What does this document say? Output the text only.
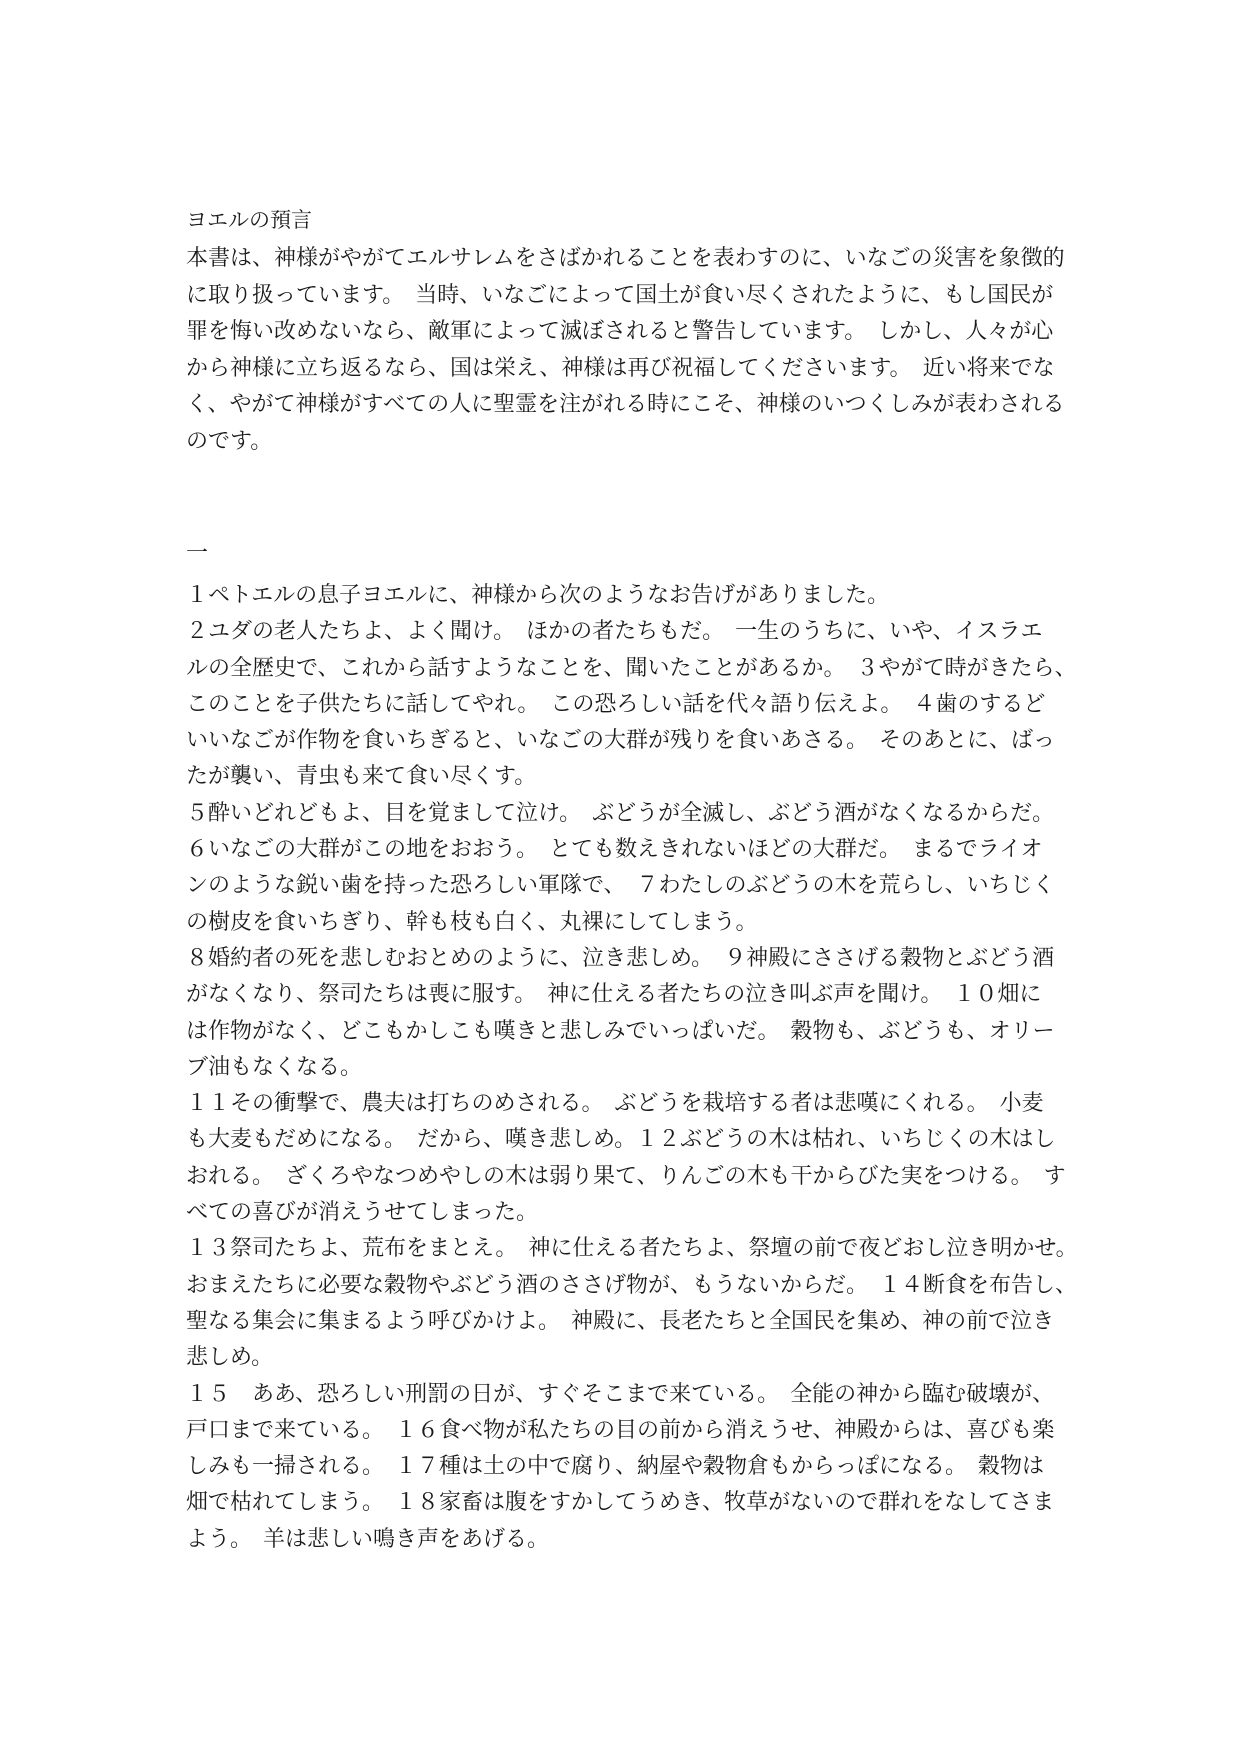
ヨエルの預言

本書は、神様がやがてエルサレムをさばかれることを表わすのに、いなごの災害を象徴的

に取り扱っています。　当時、いなごによって国土が食い尽くされたように、もし国民が

罪を悔い改めないなら、敵軍によって滅ぼされると警告しています。　しかし、人々が心

から神様に立ち返るなら、国は栄え、神様は再び祝福してくださいます。　近い将来でな

く、やがて神様がすべての人に聖霊を注がれる時にこそ、神様のいつくしみが表わされる

のです。

一

１ペトエルの息子ヨエルに、神様から次のようなお告げがありました。

２ユダの老人たちよ、よく聞け。　ほかの者たちもだ。　一生のうちに、いや、イスラエ

ルの全歴史で、これから話すようなことを、聞いたことがあるか。　３やがて時がきたら、

このことを子供たちに話してやれ。　この恐ろしい話を代々語り伝えよ。　４歯のするど

いいなごが作物を食いちぎると、いなごの大群が残りを食いあさる。　そのあとに、ばっ

たが襲い、青虫も来て食い尽くす。

５酔いどれどもよ、目を覚まして泣け。　ぶどうが全滅し、ぶどう酒がなくなるからだ。

６いなごの大群がこの地をおおう。　とても数えきれないほどの大群だ。　まるでライオ

ンのような鋭い歯を持った恐ろしい軍隊で、　７わたしのぶどうの木を荒らし、いちじく

の樹皮を食いちぎり、幹も枝も白く、丸裸にしてしまう。

８婚約者の死を悲しむおとめのように、泣き悲しめ。　９神殿にささげる穀物とぶどう酒

がなくなり、祭司たちは喪に服す。　神に仕える者たちの泣き叫ぶ声を聞け。　１０畑に

は作物がなく、どこもかしこも嘆きと悲しみでいっぱいだ。　穀物も、ぶどうも、オリー

ブ油もなくなる。

１１その衝撃で、農夫は打ちのめされる。　ぶどうを栽培する者は悲嘆にくれる。　小麦

も大麦もだめになる。　だから、嘆き悲しめ。１２ぶどうの木は枯れ、いちじくの木はし

おれる。　ざくろやなつめやしの木は弱り果て、りんごの木も干からびた実をつける。　す

べての喜びが消えうせてしまった。

１３祭司たちよ、荒布をまとえ。　神に仕える者たちよ、祭壇の前で夜どおし泣き明かせ。

おまえたちに必要な穀物やぶどう酒のささげ物が、もうないからだ。　１４断食を布告し、

聖なる集会に集まるよう呼びかけよ。　神殿に、長老たちと全国民を集め、神の前で泣き

悲しめ。

１５　ああ、恐ろしい刑罰の日が、すぐそこまで来ている。　全能の神から臨む破壊が、

戸口まで来ている。　１６食べ物が私たちの目の前から消えうせ、神殿からは、喜びも楽

しみも一掃される。　１７種は土の中で腐り、納屋や穀物倉もからっぽになる。　穀物は

畑で枯れてしまう。　１８家畜は腹をすかしてうめき、牧草がないので群れをなしてさま

よう。　羊は悲しい鳴き声をあげる。
